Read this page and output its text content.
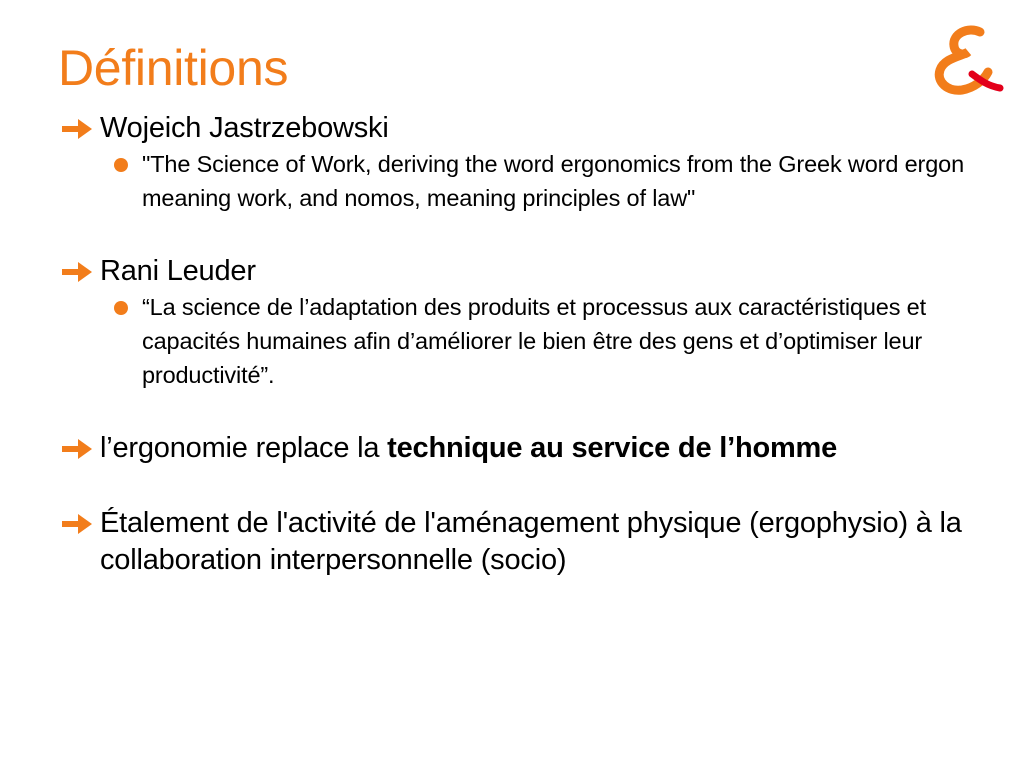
Définitions
Wojeich Jastrzebowski
"The Science of Work, deriving the word ergonomics from the Greek word ergon meaning work, and nomos, meaning principles of law"
Rani Leuder
“La science de l’adaptation des produits et processus aux caractéristiques et capacités humaines afin d’améliorer le bien être des gens et d’optimiser leur productivité”.
l’ergonomie replace la technique au service de l’homme
Étalement de l'activité de l'aménagement physique (ergophysio) à la collaboration interpersonnelle (socio)
